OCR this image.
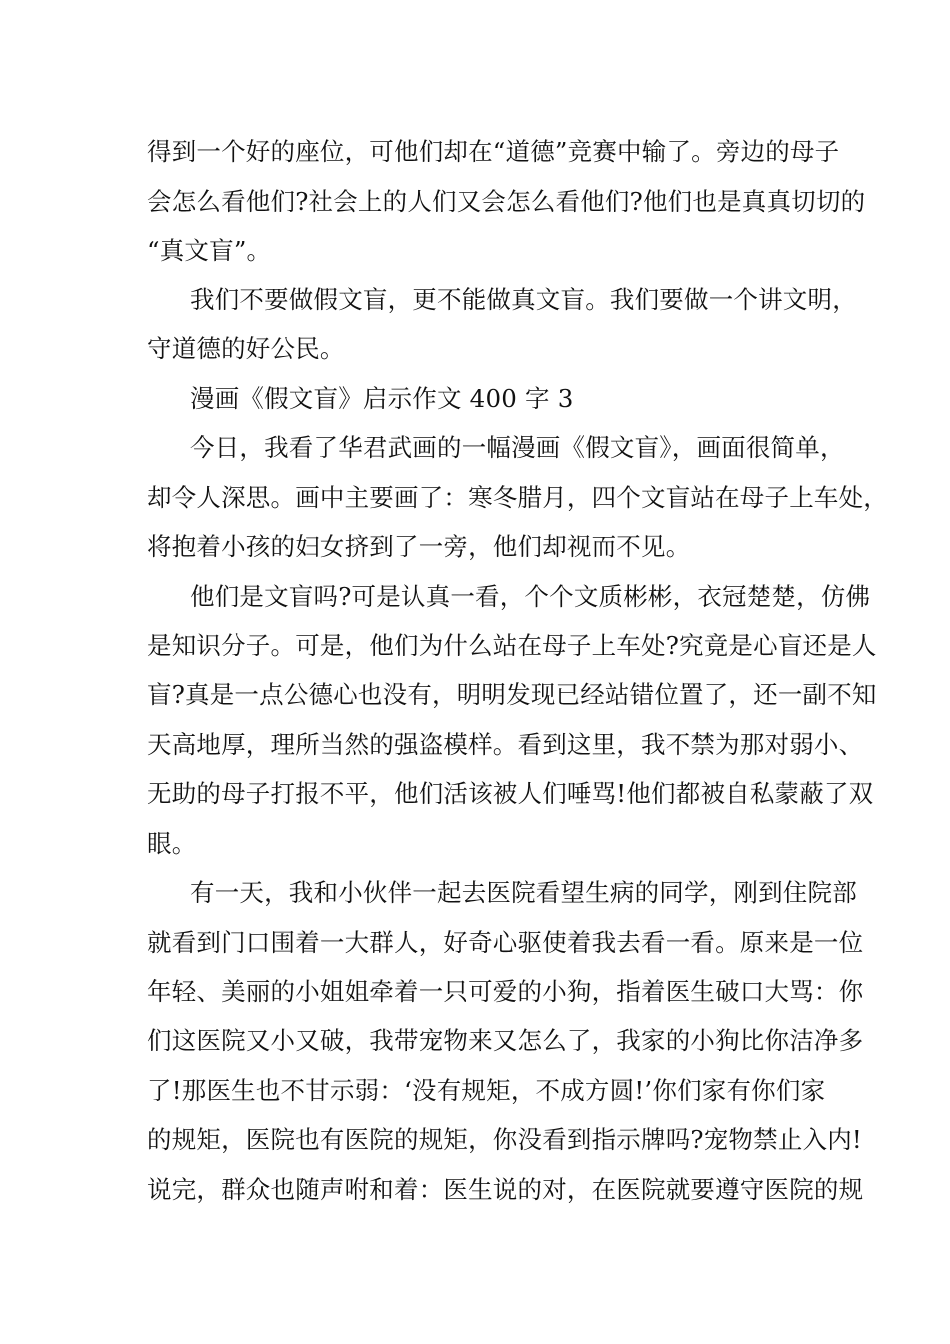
得到一个好的座位，可他们却在“道德”竞赛中输了。旁边的母子
会怎么看他们?社会上的人们又会怎么看他们?他们也是真真切切的
“真文盲”。
我们不要做假文盲，更不能做真文盲。我们要做一个讲文明，
守道德的好公民。
漫画《假文盲》启示作文 400 字 3
今日，我看了华君武画的一幅漫画《假文盲》，画面很简单，
却令人深思。画中主要画了：寒冬腊月，四个文盲站在母子上车处，
将抱着小孩的妇女挤到了一旁，他们却视而不见。
他们是文盲吗?可是认真一看，个个文质彬彬，衣冠楚楚，仿佛
是知识分子。可是，他们为什么站在母子上车处?究竟是心盲还是人
盲?真是一点公德心也没有，明明发现已经站错位置了，还一副不知
天高地厚，理所当然的强盗模样。看到这里，我不禁为那对弱小、
无助的母子打报不平，他们活该被人们唾骂!他们都被自私蒙蔽了双
眼。
有一天，我和小伙伴一起去医院看望生病的同学，刚到住院部
就看到门口围着一大群人，好奇心驱使着我去看一看。原来是一位
年轻、美丽的小姐姐牵着一只可爱的小狗，指着医生破口大骂：你
们这医院又小又破，我带宠物来又怎么了，我家的小狗比你洁净多
了!那医生也不甘示弱：‘没有规矩，不成方圆!’你们家有你们家
的规矩，医院也有医院的规矩，你没看到指示牌吗?宠物禁止入内!
说完，群众也随声咐和着：医生说的对，在医院就要遵守医院的规
